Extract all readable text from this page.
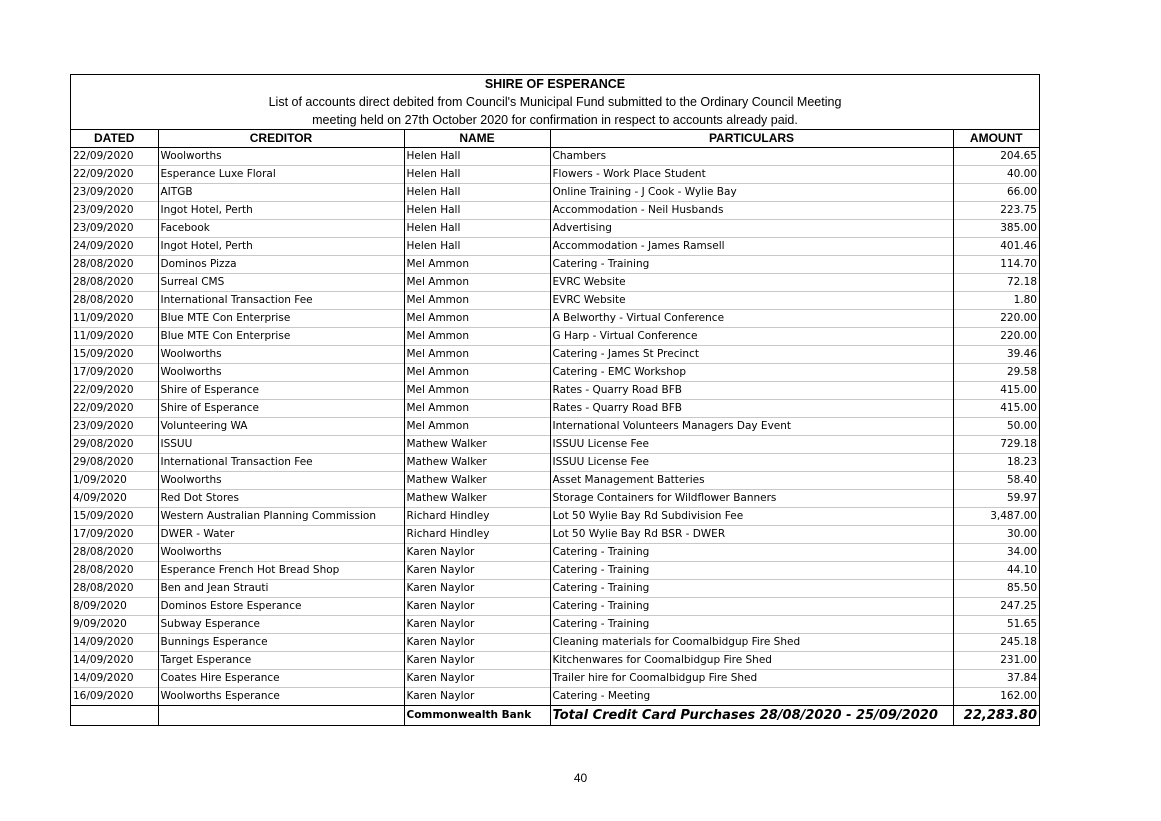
SHIRE OF ESPERANCE
List of accounts direct debited from Council's Municipal Fund submitted to the Ordinary Council Meeting
meeting held on 27th October 2020 for confirmation in respect to accounts already paid.
DATED	CREDITOR	NAME	PARTICULARS	AMOUNT
22/09/2020	Woolworths	Helen Hall	Chambers	204.65
22/09/2020	Esperance Luxe Floral	Helen Hall	Flowers - Work Place Student	40.00
23/09/2020	AITGB	Helen Hall	Online Training - J Cook - Wylie Bay	66.00
23/09/2020	Ingot Hotel, Perth	Helen Hall	Accommodation - Neil Husbands	223.75
23/09/2020	Facebook	Helen Hall	Advertising	385.00
24/09/2020	Ingot Hotel, Perth	Helen Hall	Accommodation - James Ramsell	401.46
28/08/2020	Dominos Pizza	Mel Ammon	Catering - Training	114.70
28/08/2020	Surreal CMS	Mel Ammon	EVRC Website	72.18
28/08/2020	International Transaction Fee	Mel Ammon	EVRC Website	1.80
11/09/2020	Blue MTE Con Enterprise	Mel Ammon	A Belworthy - Virtual Conference	220.00
11/09/2020	Blue MTE Con Enterprise	Mel Ammon	G Harp - Virtual Conference	220.00
15/09/2020	Woolworths	Mel Ammon	Catering - James St Precinct	39.46
17/09/2020	Woolworths	Mel Ammon	Catering - EMC Workshop	29.58
22/09/2020	Shire of Esperance	Mel Ammon	Rates - Quarry Road BFB	415.00
22/09/2020	Shire of Esperance	Mel Ammon	Rates - Quarry Road BFB	415.00
23/09/2020	Volunteering WA	Mel Ammon	International Volunteers Managers Day Event	50.00
29/08/2020	ISSUU	Mathew Walker	ISSUU License Fee	729.18
29/08/2020	International Transaction Fee	Mathew Walker	ISSUU License Fee	18.23
1/09/2020	Woolworths	Mathew Walker	Asset Management Batteries	58.40
4/09/2020	Red Dot Stores	Mathew Walker	Storage Containers for Wildflower Banners	59.97
15/09/2020	Western Australian Planning Commission	Richard Hindley	Lot 50 Wylie Bay Rd Subdivision Fee	3,487.00
17/09/2020	DWER - Water	Richard Hindley	Lot 50 Wylie Bay Rd BSR - DWER	30.00
28/08/2020	Woolworths	Karen Naylor	Catering - Training	34.00
28/08/2020	Esperance French Hot Bread Shop	Karen Naylor	Catering - Training	44.10
28/08/2020	Ben and Jean Strauti	Karen Naylor	Catering - Training	85.50
8/09/2020	Dominos Estore Esperance	Karen Naylor	Catering - Training	247.25
9/09/2020	Subway Esperance	Karen Naylor	Catering - Training	51.65
14/09/2020	Bunnings Esperance	Karen Naylor	Cleaning materials for Coomalbidgup Fire Shed	245.18
14/09/2020	Target Esperance	Karen Naylor	Kitchenwares for Coomalbidgup Fire Shed	231.00
14/09/2020	Coates Hire Esperance	Karen Naylor	Trailer hire for Coomalbidgup Fire Shed	37.84
16/09/2020	Woolworths Esperance	Karen Naylor	Catering - Meeting	162.00
		Commonwealth Bank	Total Credit Card Purchases 28/08/2020 - 25/09/2020	22,283.80
40
